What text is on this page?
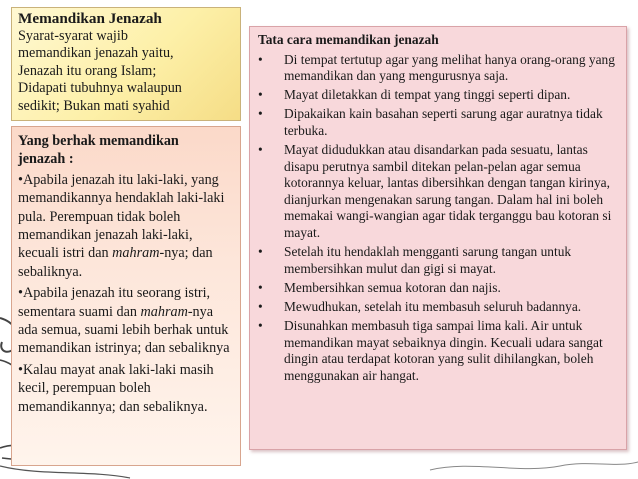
Memandikan Jenazah

Syarat-syarat wajib
memandikan jenazah yaitu,
Jenazah itu orang Islam;
Didapati tubuhnya walaupun
sedikit; Bukan mati syahid

Yang berhak memandikan
jenazah :

•Apabila jenazah itu laki-laki, yang memandikannya hendaklah laki-laki pula. Perempuan tidak boleh memandikan jenazah laki-laki, kecuali istri dan mahram-nya; dan sebaliknya.

•Apabila jenazah itu seorang istri, sementara suami dan mahram-nya ada semua, suami lebih berhak untuk memandikan istrinya; dan sebaliknya

•Kalau mayat anak laki-laki masih kecil, perempuan boleh memandikannya; dan sebaliknya.

Tata cara memandikan jenazah

• Di tempat tertutup agar yang melihat hanya orang-orang yang memandikan dan yang mengurusnya saja.
• Mayat diletakkan di tempat yang tinggi seperti dipan.
• Dipakaikan kain basahan seperti sarung agar auratnya tidak terbuka.
• Mayat didudukkan atau disandarkan pada sesuatu, lantas disapu perutnya sambil ditekan pelan-pelan agar semua kotorannya keluar, lantas dibersihkan dengan tangan kirinya, dianjurkan mengenakan sarung tangan. Dalam hal ini boleh memakai wangi-wangian agar tidak terganggu bau kotoran si mayat.
• Setelah itu hendaklah mengganti sarung tangan untuk membersihkan mulut dan gigi si mayat.
• Membersihkan semua kotoran dan najis.
• Mewudhukan, setelah itu membasuh seluruh badannya.
• Disunahkan membasuh tiga sampai lima kali. Air untuk memandikan mayat sebaiknya dingin. Kecuali udara sangat dingin atau terdapat kotoran yang sulit dihilangkan, boleh menggunakan air hangat.
